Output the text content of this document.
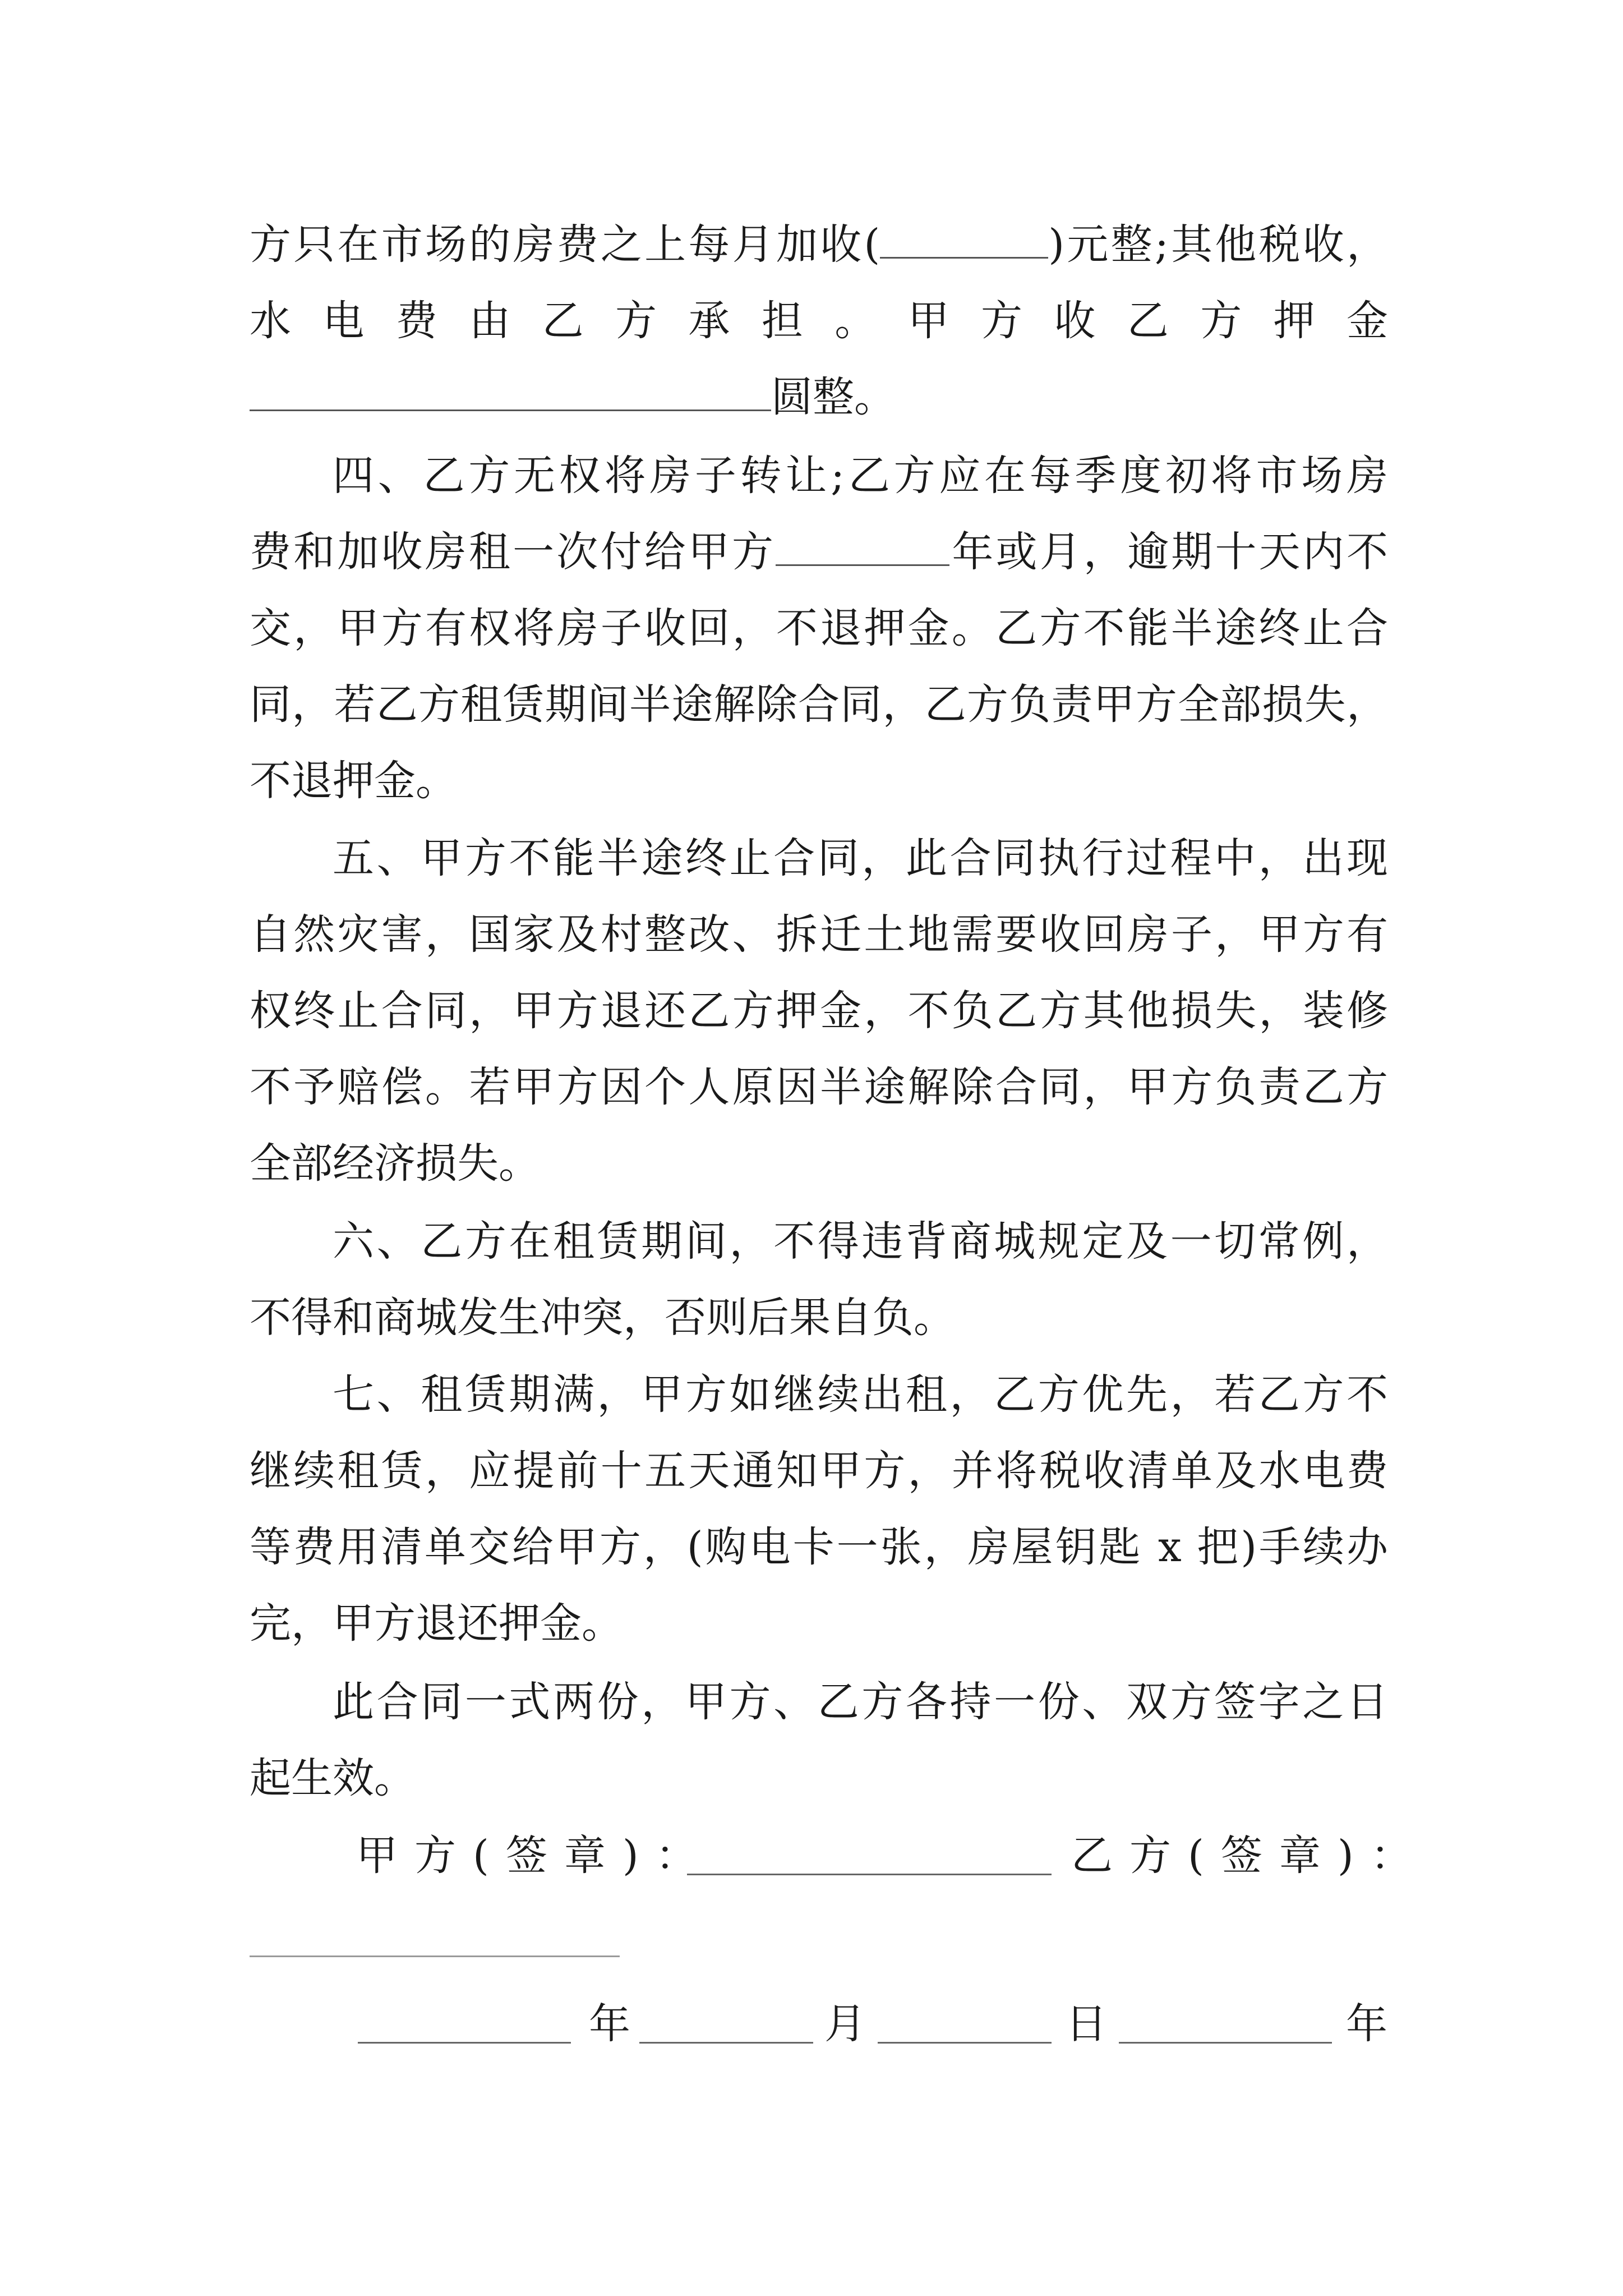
方只在市场的房费之上每月加收(	)元整;其他税收，
水电费由乙方承担。甲方收乙方押金
圆整。
四、乙方无权将房子转让;乙方应在每季度初将市场房
费和加收房租一次付给甲方	年或月，逾期十天内不
交，甲方有权将房子收回，不退押金。乙方不能半途终止合
同，若乙方租赁期间半途解除合同，乙方负责甲方全部损失，
不退押金。
五、甲方不能半途终止合同，此合同执行过程中，出现
自然灾害，国家及村整改、拆迁土地需要收回房子，甲方有
权终止合同，甲方退还乙方押金，不负乙方其他损失，装修
不予赔偿。若甲方因个人原因半途解除合同，甲方负责乙方
全部经济损失。
六、乙方在租赁期间，不得违背商城规定及一切常例，
不得和商城发生冲突，否则后果自负。
七、租赁期满，甲方如继续出租，乙方优先，若乙方不
继续租赁，应提前十五天通知甲方，并将税收清单及水电费
等费用清单交给甲方，(购电卡一张，房屋钥匙 x 把)手续办
完，甲方退还押金。
此合同一式两份，甲方、乙方各持一份、双方签字之日
起生效。
甲方(签章)：	乙方(签章)：
年	月	日	年
